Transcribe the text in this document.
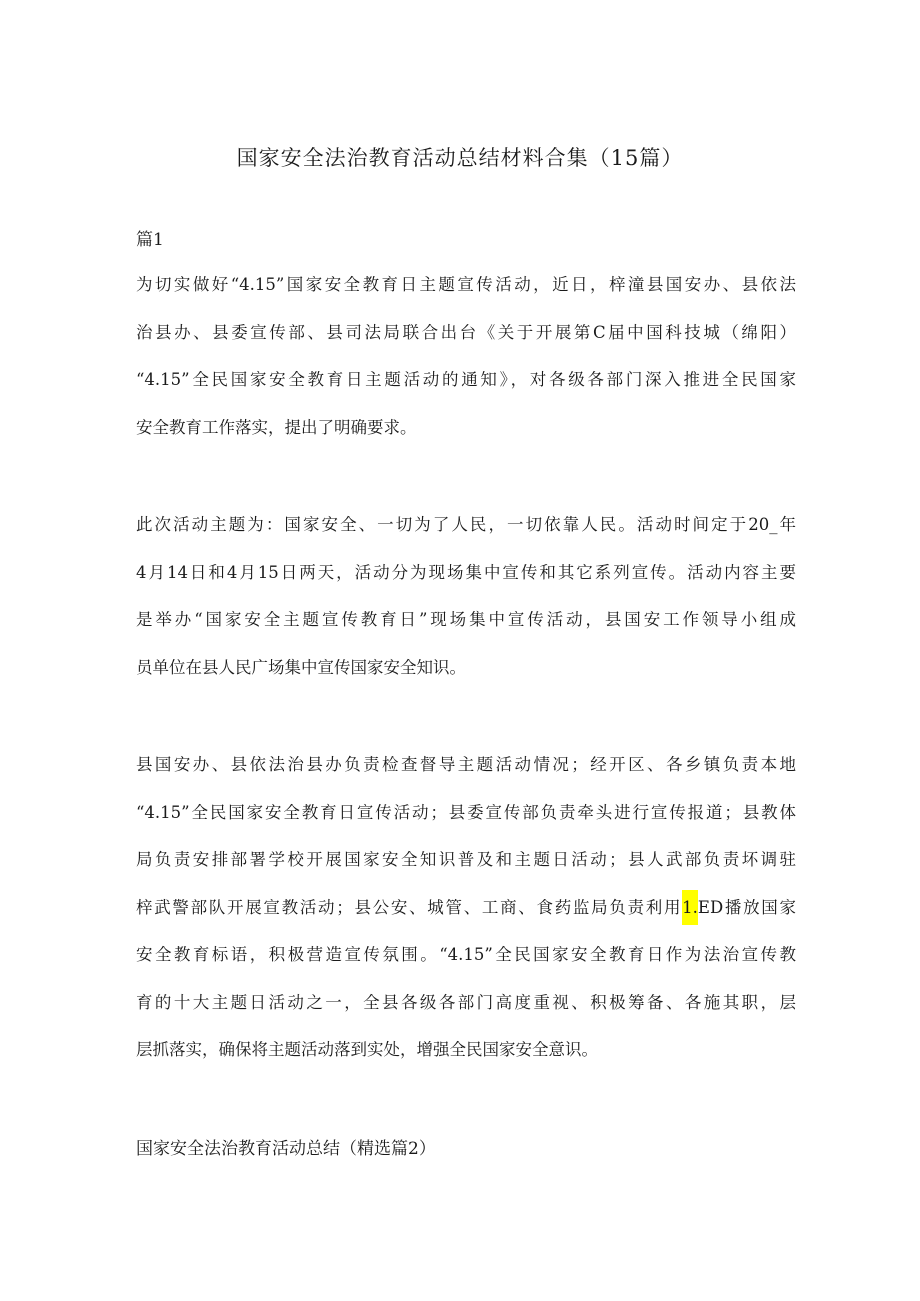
国家安全法治教育活动总结材料合集（15篇）
篇1
为切实做好“4.15”国家安全教育日主题宣传活动，近日，梓潼县国安办、县依法
治县办、县委宣传部、县司法局联合出台《关于开展第C届中国科技城（绵阳）
“4.15”全民国家安全教育日主题活动的通知》，对各级各部门深入推进全民国家
安全教育工作落实，提出了明确要求。
此次活动主题为：国家安全、一切为了人民，一切依靠人民。活动时间定于20_年
4月14日和4月15日两天，活动分为现场集中宣传和其它系列宣传。活动内容主要
是举办“国家安全主题宣传教育日”现场集中宣传活动，县国安工作领导小组成
员单位在县人民广场集中宣传国家安全知识。
县国安办、县依法治县办负责检查督导主题活动情况；经开区、各乡镇负责本地
“4.15”全民国家安全教育日宣传活动；县委宣传部负责牵头进行宣传报道；县教体
局负责安排部署学校开展国家安全知识普及和主题日活动；县人武部负责坏调驻
梓武警部队开展宣教活动；县公安、城管、工商、食药监局负责利用1.ED播放国家
安全教育标语，积极营造宣传氛围。“4.15”全民国家安全教育日作为法治宣传教
育的十大主题日活动之一，全县各级各部门高度重视、积极筹备、各施其职，层
层抓落实，确保将主题活动落到实处，增强全民国家安全意识。
国家安全法治教育活动总结（精选篇2）
